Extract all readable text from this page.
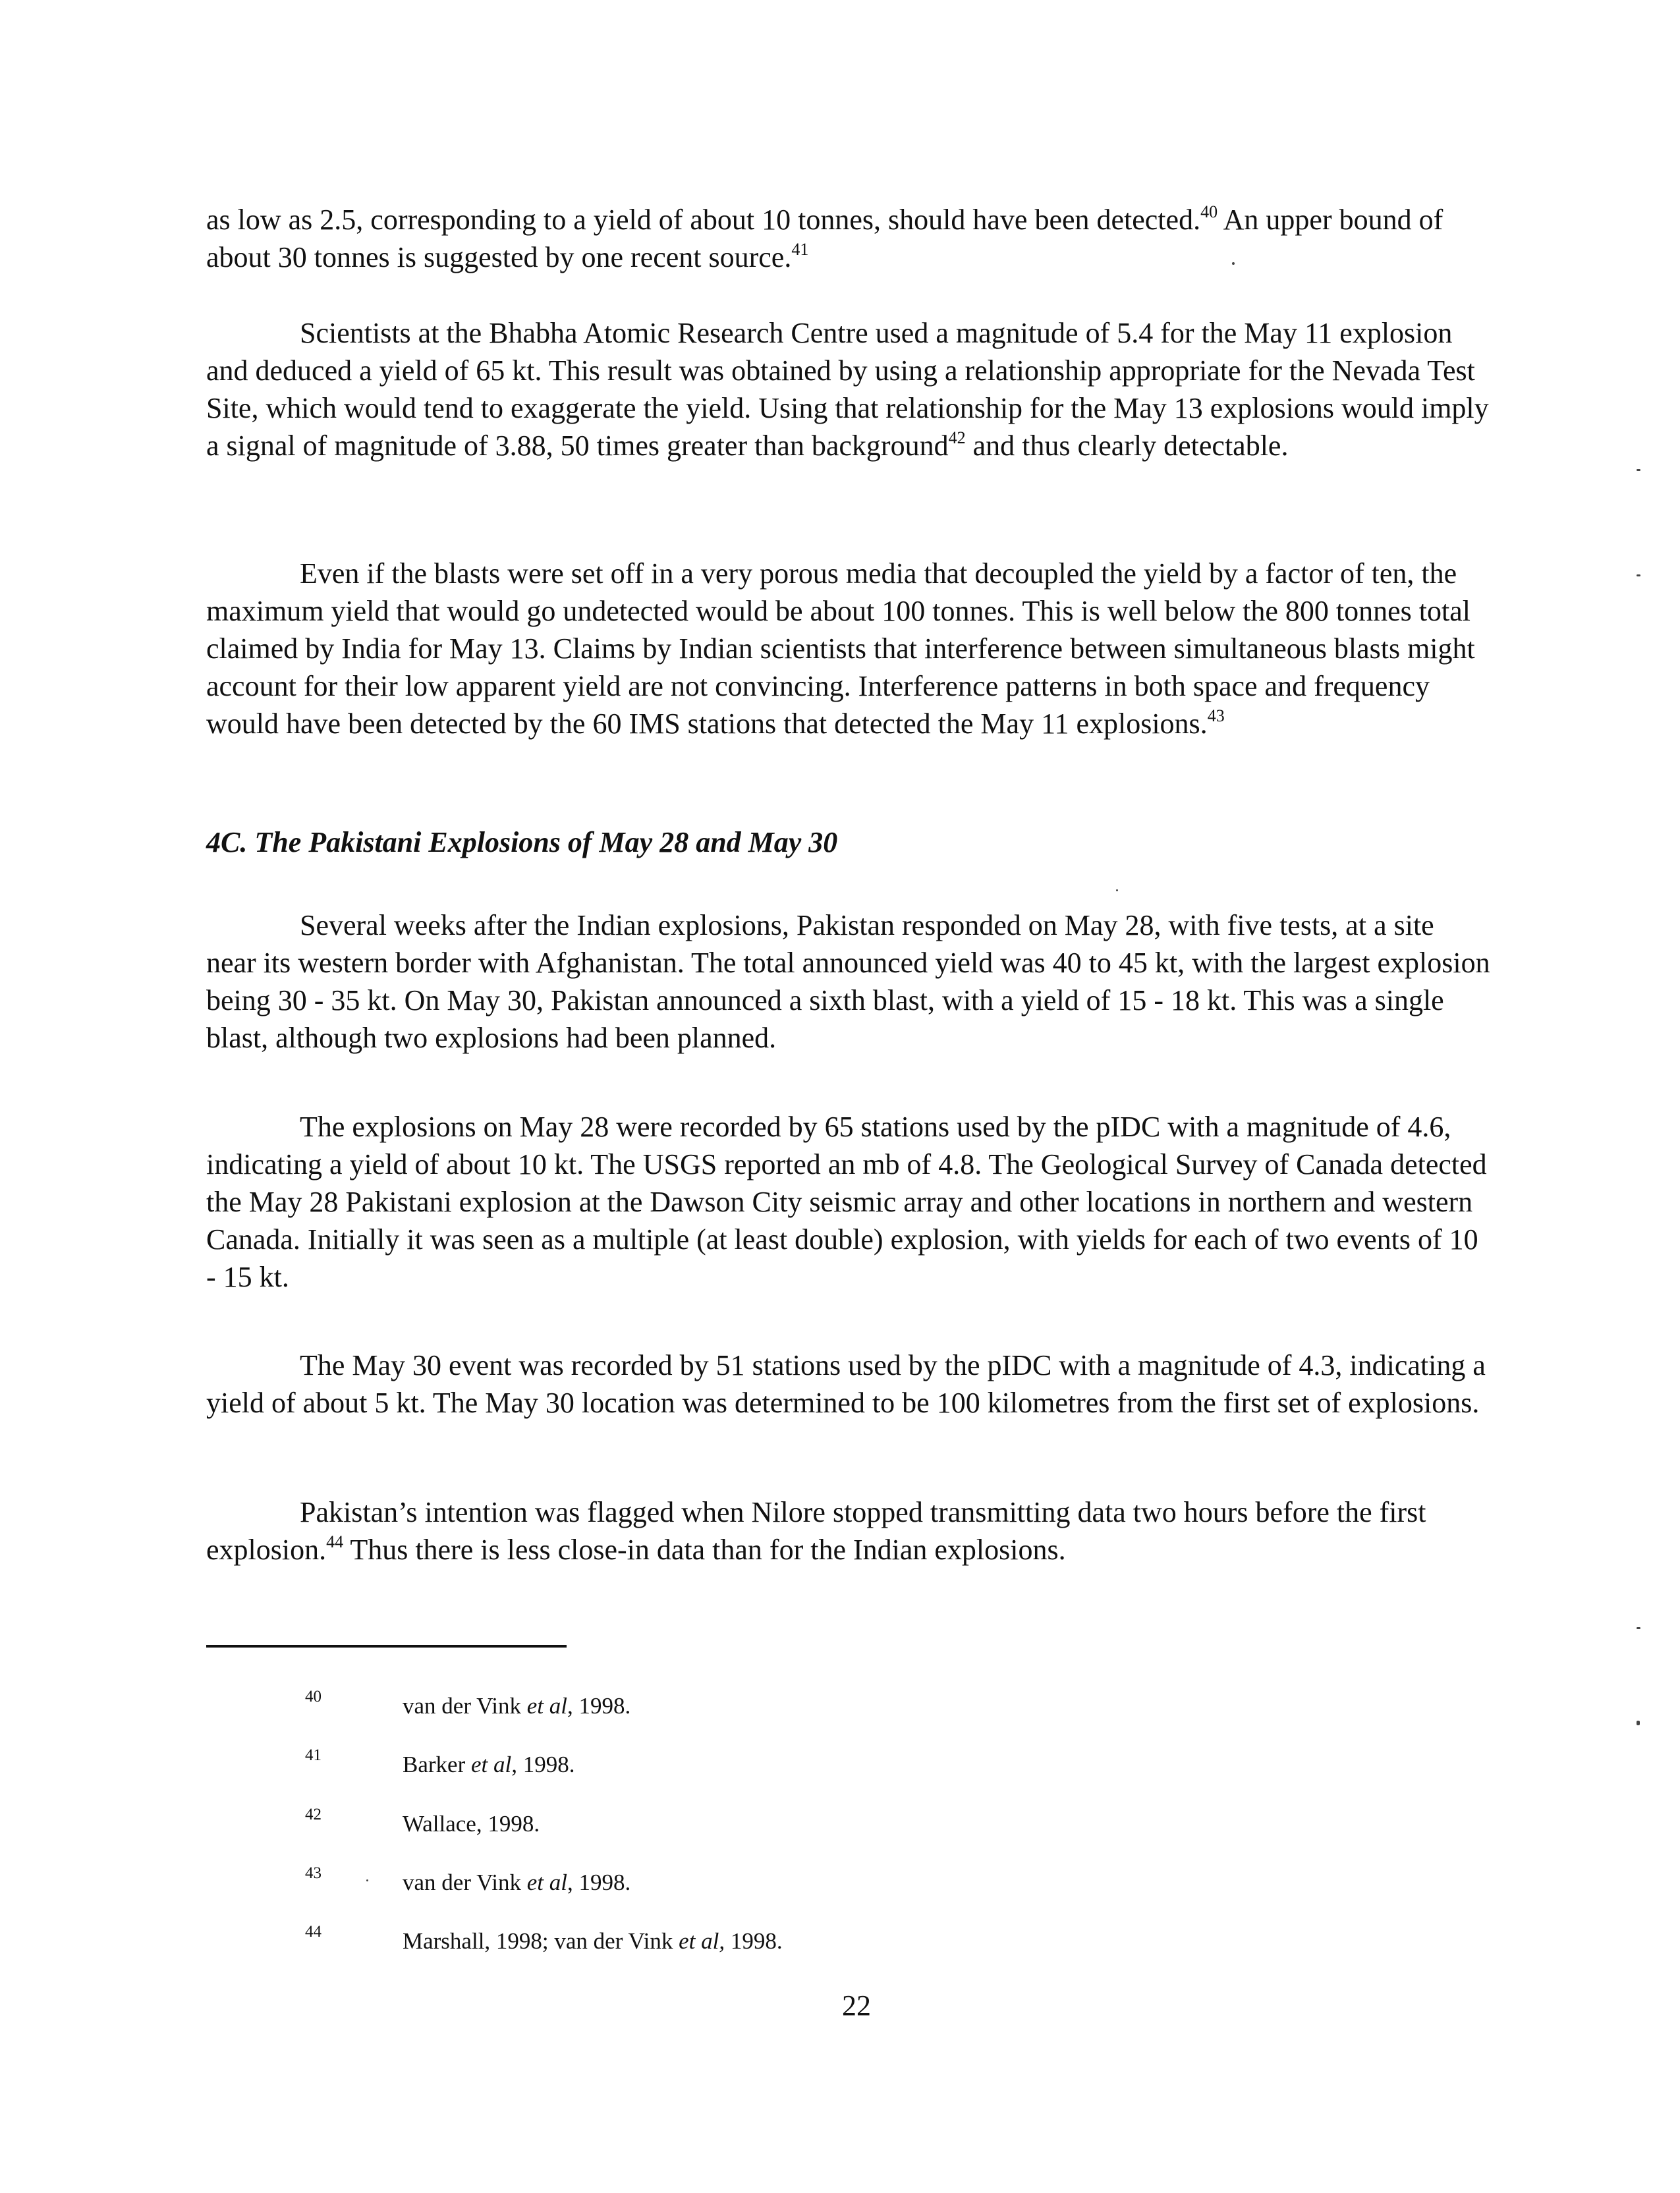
as low as 2.5, corresponding to a yield of about 10 tonnes, should have been detected.$^{40}$ An upper bound of about 30 tonnes is suggested by one recent source.$^{41}$

Scientists at the Bhabha Atomic Research Centre used a magnitude of 5.4 for the May 11 explosion and deduced a yield of 65 kt. This result was obtained by using a relationship appropriate for the Nevada Test Site, which would tend to exaggerate the yield. Using that relationship for the May 13 explosions would imply a signal of magnitude of 3.88, 50 times greater than background$^{42}$ and thus clearly detectable.

Even if the blasts were set off in a very porous media that decoupled the yield by a factor of ten, the maximum yield that would go undetected would be about 100 tonnes. This is well below the 800 tonnes total claimed by India for May 13. Claims by Indian scientists that interference between simultaneous blasts might account for their low apparent yield are not convincing. Interference patterns in both space and frequency would have been detected by the 60 IMS stations that detected the May 11 explosions.$^{43}$

4C. The Pakistani Explosions of May 28 and May 30

Several weeks after the Indian explosions, Pakistan responded on May 28, with five tests, at a site near its western border with Afghanistan. The total announced yield was 40 to 45 kt, with the largest explosion being 30 - 35 kt. On May 30, Pakistan announced a sixth blast, with a yield of 15 - 18 kt. This was a single blast, although two explosions had been planned.

The explosions on May 28 were recorded by 65 stations used by the pIDC with a magnitude of 4.6, indicating a yield of about 10 kt. The USGS reported an mb of 4.8. The Geological Survey of Canada detected the May 28 Pakistani explosion at the Dawson City seismic array and other locations in northern and western Canada. Initially it was seen as a multiple (at least double) explosion, with yields for each of two events of 10 - 15 kt.

The May 30 event was recorded by 51 stations used by the pIDC with a magnitude of 4.3, indicating a yield of about 5 kt. The May 30 location was determined to be 100 kilometres from the first set of explosions.

Pakistan’s intention was flagged when Nilore stopped transmitting data two hours before the first explosion.$^{44}$ Thus there is less close-in data than for the Indian explosions.

40	van der Vink et al, 1998.
41	Barker et al, 1998.
42	Wallace, 1998.
43	van der Vink et al, 1998.
44	Marshall, 1998; van der Vink et al, 1998.
22
